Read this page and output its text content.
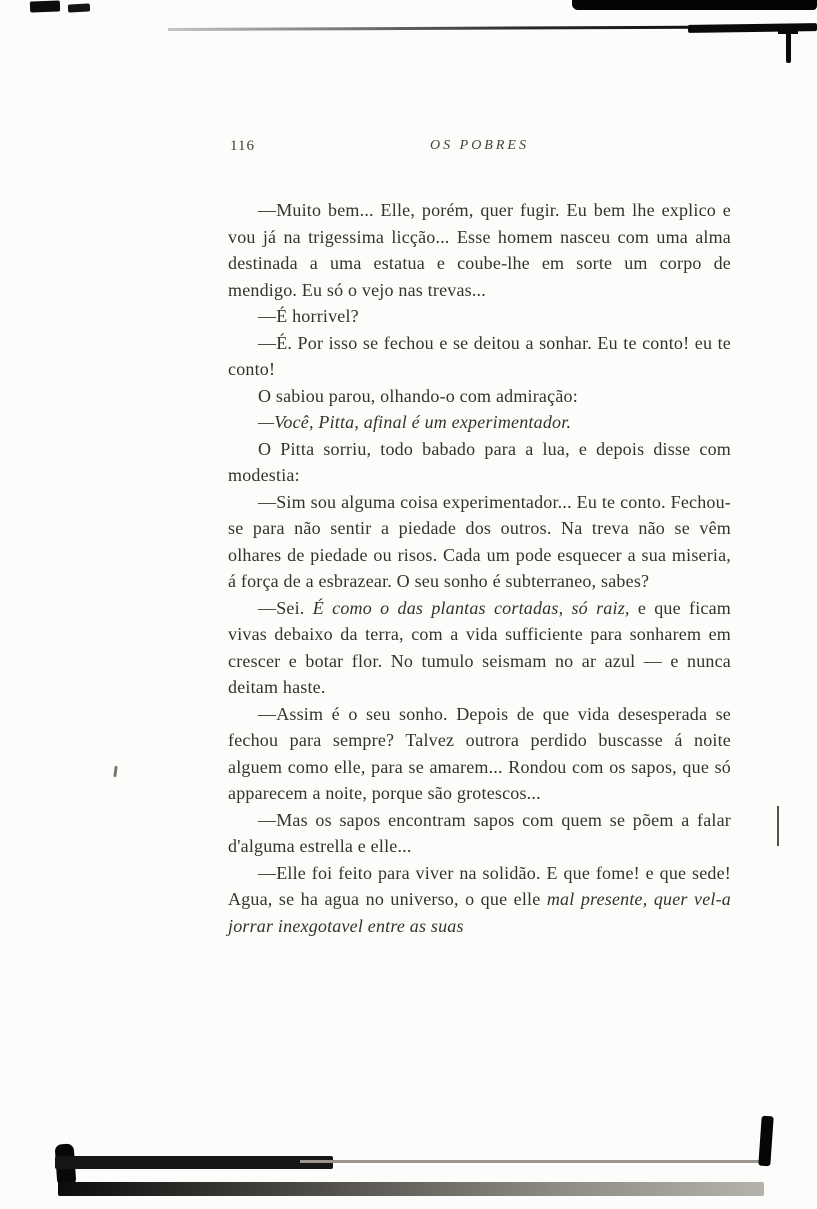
116	OS POBRES

—Muito bem... Elle, porém, quer fugir. Eu bem lhe explico e vou já na trigessima licção... Esse homem nasceu com uma alma destinada a uma estatua e coube-lhe em sorte um corpo de mendigo. Eu só o vejo nas trevas...

—É horrivel?

—É. Por isso se fechou e se deitou a sonhar. Eu te conto! eu te conto!

O sabiou parou, olhando-o com admiração:

—Você, Pitta, afinal é um experimentador.

O Pitta sorriu, todo babado para a lua, e depois disse com modestia:

—Sim sou alguma coisa experimentador... Eu te conto. Fechou-se para não sentir a piedade dos outros. Na treva não se vêm olhares de piedade ou risos. Cada um pode esquecer a sua miseria, á força de a esbrazear. O seu sonho é subterraneo, sabes?

—Sei. É como o das plantas cortadas, só raiz, e que ficam vivas debaixo da terra, com a vida sufficiente para sonharem em crescer e botar flor. No tumulo seismam no ar azul — e nunca deitam haste.

—Assim é o seu sonho. Depois de que vida desesperada se fechou para sempre? Talvez outrora perdido buscasse á noite alguem como elle, para se amarem... Rondou com os sapos, que só apparecem a noite, porque são grotescos...

—Mas os sapos encontram sapos com quem se põem a falar d'alguma estrella e elle...

—Elle foi feito para viver na solidão. E que fome! e que sede! Agua, se ha agua no universo, o que elle mal presente, quer vel-a jorrar inexgotavel entre as suas
